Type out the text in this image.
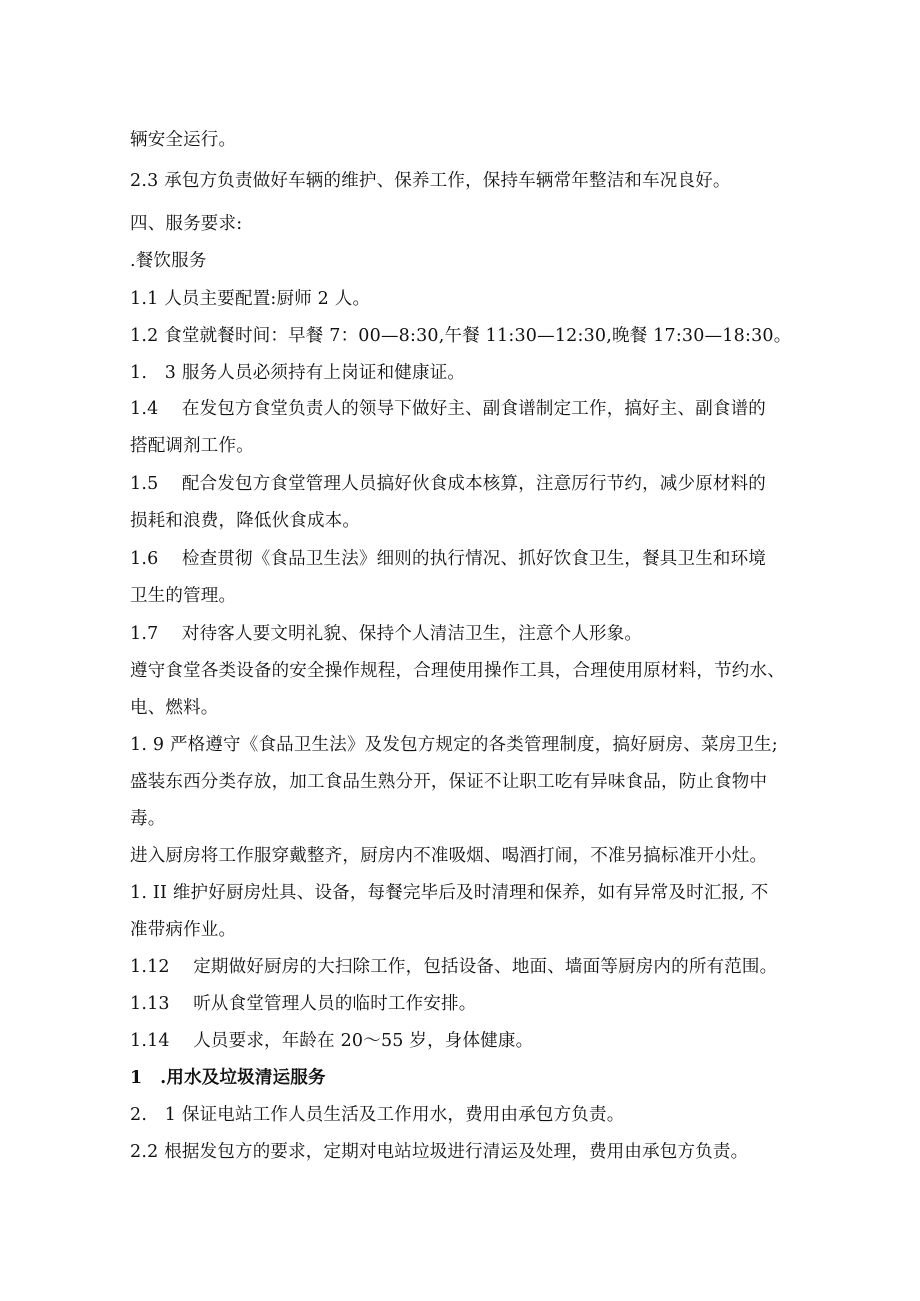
辆安全运行。
2.3 承包方负责做好车辆的维护、保养工作，保持车辆常年整洁和车况良好。
四、服务要求:
.餐饮服务
1.1 人员主要配置:厨师 2 人。
1.2 食堂就餐时间：早餐 7：00—8:30,午餐 11:30—12:30,晚餐 17:30—18:30。
1.　3 服务人员必须持有上岗证和健康证。
1.4　 在发包方食堂负责人的领导下做好主、副食谱制定工作，搞好主、副食谱的
搭配调剂工作。
1.5　 配合发包方食堂管理人员搞好伙食成本核算，注意厉行节约，减少原材料的
损耗和浪费，降低伙食成本。
1.6　 检查贯彻《食品卫生法》细则的执行情况、抓好饮食卫生，餐具卫生和环境
卫生的管理。
1.7　 对待客人要文明礼貌、保持个人清洁卫生，注意个人形象。
遵守食堂各类设备的安全操作规程，合理使用操作工具，合理使用原材料，节约水、
电、燃料。
1. 9 严格遵守《食品卫生法》及发包方规定的各类管理制度，搞好厨房、菜房卫生;
盛装东西分类存放，加工食品生熟分开，保证不让职工吃有异味食品，防止食物中
毒。
进入厨房将工作服穿戴整齐，厨房内不准吸烟、喝酒打闹，不准另搞标准开小灶。
1. II 维护好厨房灶具、设备，每餐完毕后及时清理和保养，如有异常及时汇报, 不
准带病作业。
1.12　 定期做好厨房的大扫除工作，包括设备、地面、墙面等厨房内的所有范围。
1.13　 听从食堂管理人员的临时工作安排。
1.14　 人员要求，年龄在 20～55 岁，身体健康。
1　.用水及垃圾清运服务
2.　1 保证电站工作人员生活及工作用水，费用由承包方负责。
2.2 根据发包方的要求，定期对电站垃圾进行清运及处理，费用由承包方负责。
